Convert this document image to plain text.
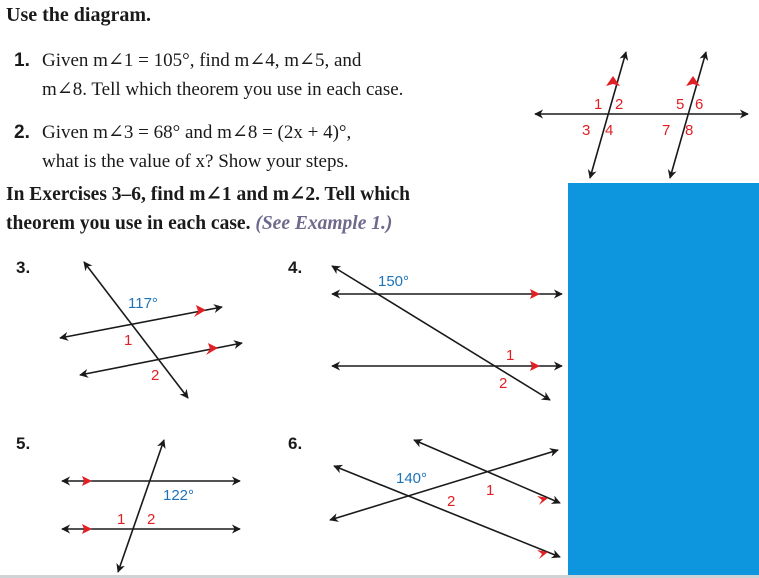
Use the diagram.
1. Given m∠1 = 105°, find m∠4, m∠5, and
m∠8. Tell which theorem you use in each case.
2. Given m∠3 = 68° and m∠8 = (2x + 4)°,
what is the value of x? Show your steps.
In Exercises 3–6, find m∠1 and m∠2. Tell which
theorem you use in each case. (See Example 1.)
3.	4.
5.	6.
1 2
3 4
5 6
7 8
117°
1
2
150°
1
2
122°
1 2
140°
1
2
